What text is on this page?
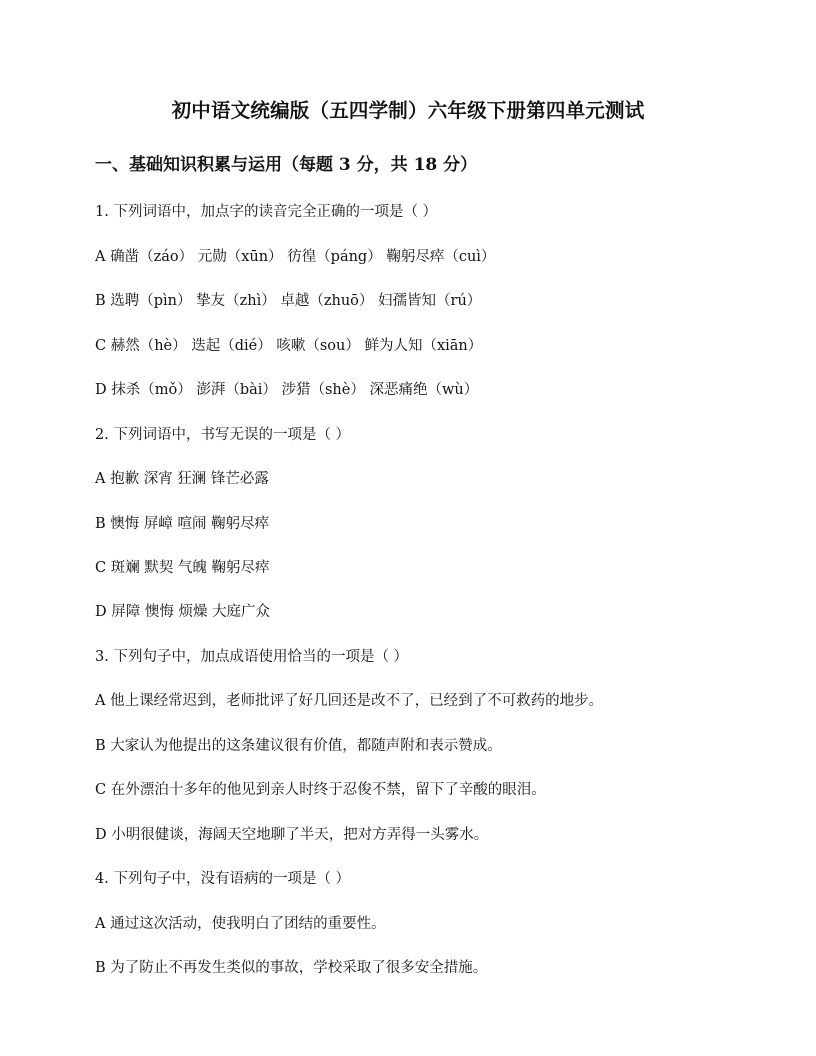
初中语文统编版（五四学制）六年级下册第四单元测试
一、基础知识积累与运用（每题 3 分，共 18 分）
1. 下列词语中，加点字的读音完全正确的一项是（ ）
A 确凿（záo） 元勋（xūn） 彷徨（páng） 鞠躬尽瘁（cuì）
B 选聘（pìn） 挚友（zhì） 卓越（zhuō） 妇孺皆知（rú）
C 赫然（hè） 迭起（dié） 咳嗽（sou） 鲜为人知（xiān）
D 抹杀（mǒ） 澎湃（bài） 涉猎（shè） 深恶痛绝（wù）
2. 下列词语中，书写无误的一项是（ ）
A 抱歉 深宵 狂澜 锋芒必露
B 懊悔 屏嶂 喧闹 鞠躬尽瘁
C 斑斓 默契 气魄 鞠躬尽瘁
D 屏障 懊悔 烦燥 大庭广众
3. 下列句子中，加点成语使用恰当的一项是（ ）
A 他上课经常迟到，老师批评了好几回还是改不了，已经到了不可救药的地步。
B 大家认为他提出的这条建议很有价值，都随声附和表示赞成。
C 在外漂泊十多年的他见到亲人时终于忍俊不禁，留下了辛酸的眼泪。
D 小明很健谈，海阔天空地聊了半天，把对方弄得一头雾水。
4. 下列句子中，没有语病的一项是（ ）
A 通过这次活动，使我明白了团结的重要性。
B 为了防止不再发生类似的事故，学校采取了很多安全措施。
